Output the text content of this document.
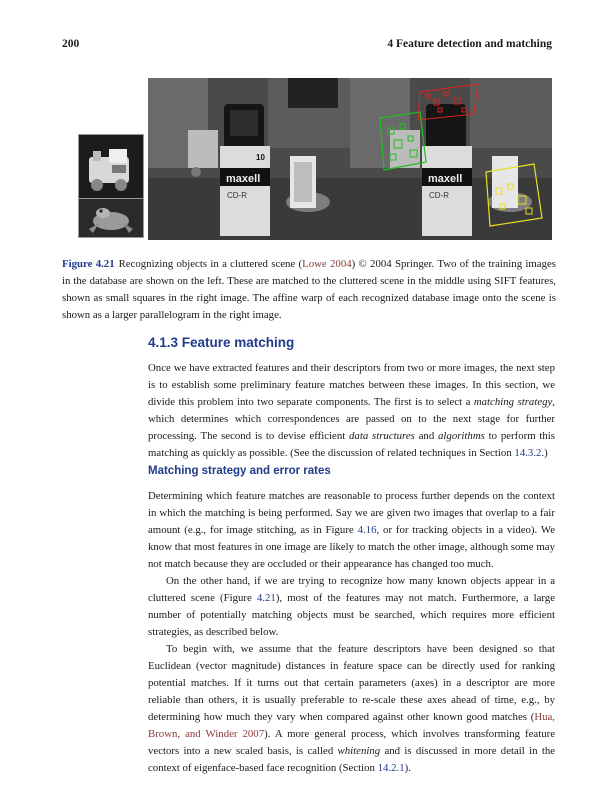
200	4 Feature detection and matching
maxell
CD-R
10
maxell
CD-R
Figure 4.21 Recognizing objects in a cluttered scene (Lowe 2004) © 2004 Springer. Two of the training images in the database are shown on the left. These are matched to the cluttered scene in the middle using SIFT features, shown as small squares in the right image. The affine warp of each recognized database image onto the scene is shown as a larger parallelogram in the right image.
4.1.3 Feature matching
Once we have extracted features and their descriptors from two or more images, the next step is to establish some preliminary feature matches between these images. In this section, we divide this problem into two separate components. The first is to select a matching strategy, which determines which correspondences are passed on to the next stage for further processing. The second is to devise efficient data structures and algorithms to perform this matching as quickly as possible. (See the discussion of related techniques in Section 14.3.2.)
Matching strategy and error rates
Determining which feature matches are reasonable to process further depends on the context in which the matching is being performed. Say we are given two images that overlap to a fair amount (e.g., for image stitching, as in Figure 4.16, or for tracking objects in a video). We know that most features in one image are likely to match the other image, although some may not match because they are occluded or their appearance has changed too much.
On the other hand, if we are trying to recognize how many known objects appear in a cluttered scene (Figure 4.21), most of the features may not match. Furthermore, a large number of potentially matching objects must be searched, which requires more efficient strategies, as described below.
To begin with, we assume that the feature descriptors have been designed so that Euclidean (vector magnitude) distances in feature space can be directly used for ranking potential matches. If it turns out that certain parameters (axes) in a descriptor are more reliable than others, it is usually preferable to re-scale these axes ahead of time, e.g., by determining how much they vary when compared against other known good matches (Hua, Brown, and Winder 2007). A more general process, which involves transforming feature vectors into a new scaled basis, is called whitening and is discussed in more detail in the context of eigenface-based face recognition (Section 14.2.1).
